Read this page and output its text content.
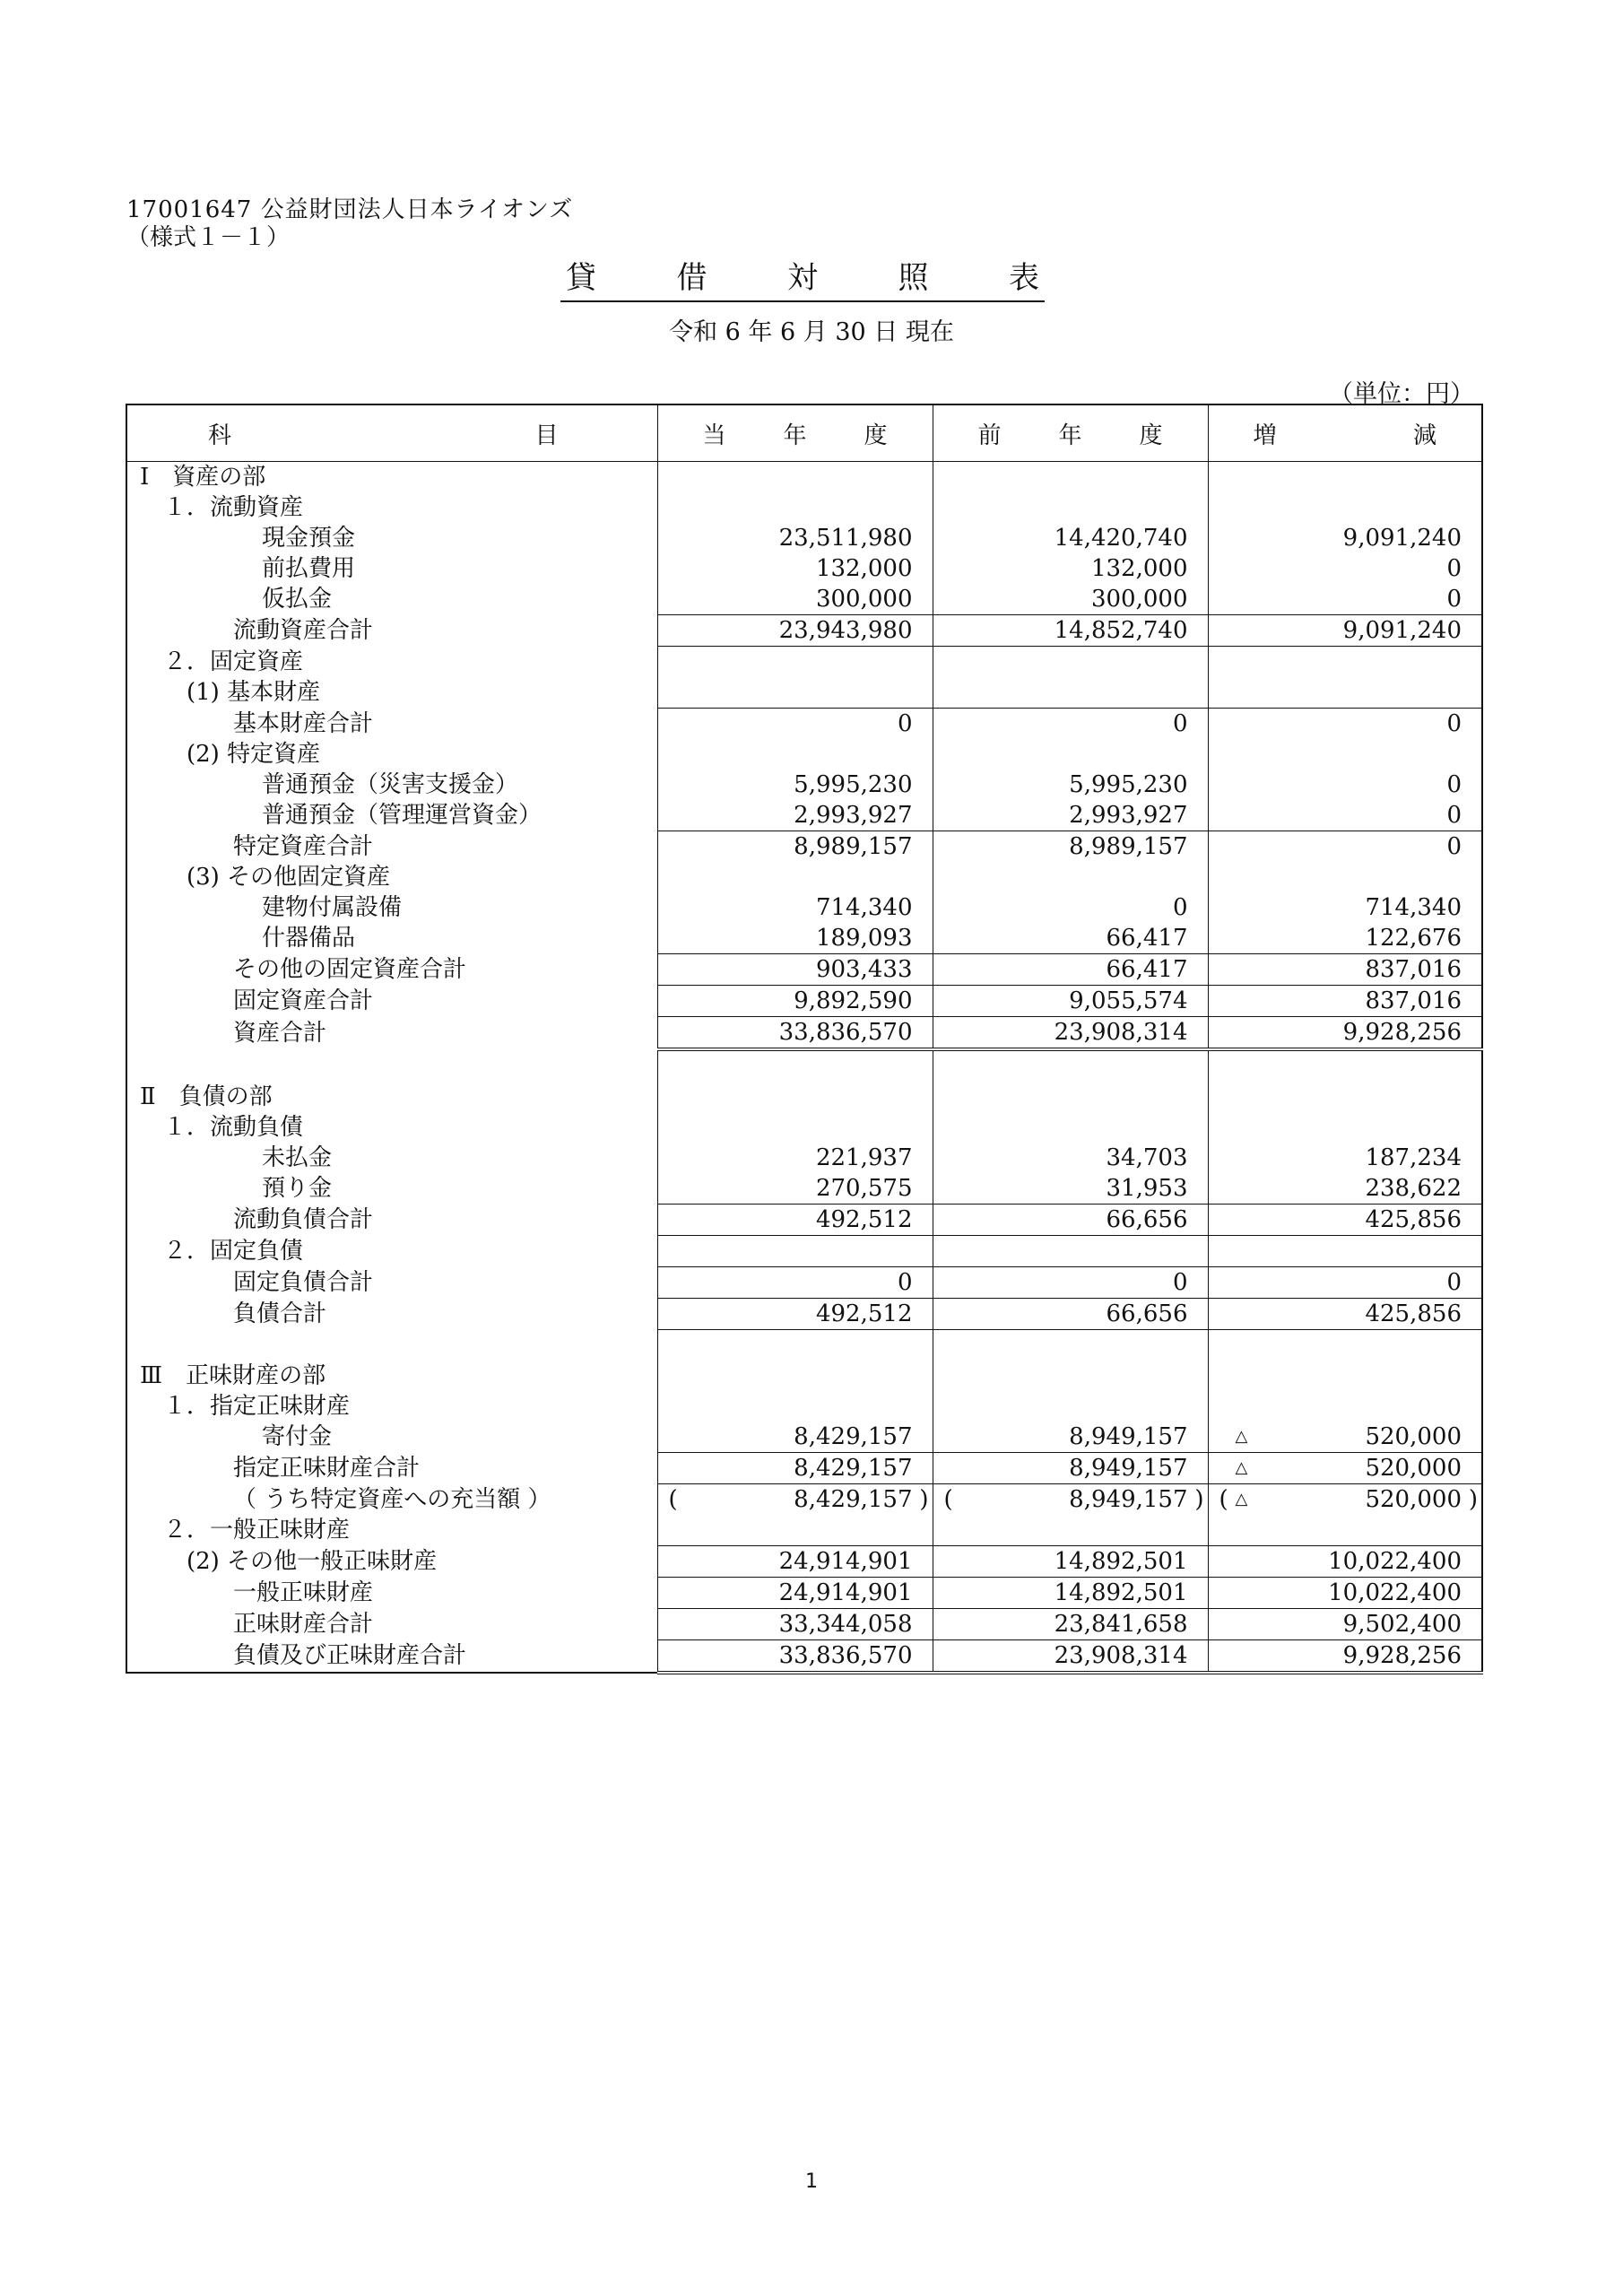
17001647 公益財団法人日本ライオンズ
（様式１－１）
貸	借	対	照	表
令和 6 年 6 月 30 日 現在
（単位：円）
科 目	当 年 度	前 年 度	増 減

Ⅰ　資産の部			
１．流動資産			
現金預金	23,511,980	14,420,740	9,091,240
前払費用	132,000	132,000	0
仮払金	300,000	300,000	0
流動資産合計	23,943,980	14,852,740	9,091,240
２．固定資産			
(1) 基本財産			
基本財産合計	0	0	0
(2) 特定資産			
普通預金（災害支援金）	5,995,230	5,995,230	0
普通預金（管理運営資金）	2,993,927	2,993,927	0
特定資産合計	8,989,157	8,989,157	0
(3) その他固定資産			
建物付属設備	714,340	0	714,340
什器備品	189,093	66,417	122,676
その他の固定資産合計	903,433	66,417	837,016
固定資産合計	9,892,590	9,055,574	837,016
資産合計	33,836,570	23,908,314	9,928,256

Ⅱ　負債の部			
１．流動負債			
未払金	221,937	34,703	187,234
預り金	270,575	31,953	238,622
流動負債合計	492,512	66,656	425,856
２．固定負債			
固定負債合計	0	0	0
負債合計	492,512	66,656	425,856

Ⅲ　正味財産の部			
１．指定正味財産			
寄付金	8,429,157	8,949,157	△ 520,000
指定正味財産合計	8,429,157	8,949,157	△ 520,000
（ うち特定資産への充当額 ）	( 8,429,157 )	( 8,949,157 )	( △ 520,000 )

２．一般正味財産			
(2) その他一般正味財産	24,914,901	14,892,501	10,022,400
一般正味財産	24,914,901	14,892,501	10,022,400
正味財産合計	33,344,058	23,841,658	9,502,400
負債及び正味財産合計	33,836,570	23,908,314	9,928,256
1
